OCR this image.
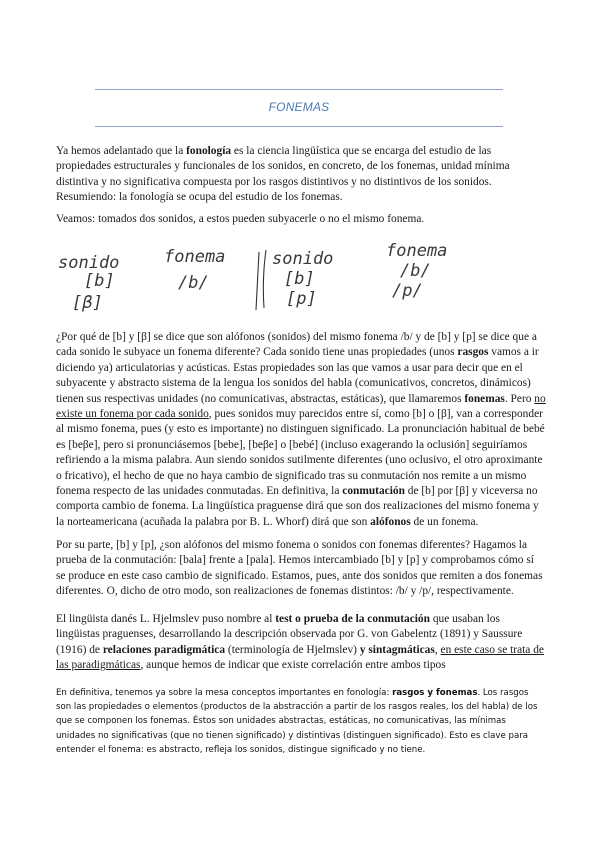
FONEMAS
Ya hemos adelantado que la fonología es la ciencia lingüística que se encarga del estudio de las propiedades estructurales y funcionales de los sonidos, en concreto, de los fonemas, unidad mínima distintiva y no significativa compuesta por los rasgos distintivos y no distintivos de los sonidos. Resumiendo: la fonología se ocupa del estudio de los fonemas.
Veamos: tomados dos sonidos, a estos pueden subyacerle o no el mismo fonema.
sonido	fonema
[b]
[β]
/b/
sonido	fonema
[b]
[p]
/b/
/p/
¿Por qué de [b] y [β] se dice que son alófonos (sonidos) del mismo fonema /b/ y de [b] y [p] se dice que a cada sonido le subyace un fonema diferente? Cada sonido tiene unas propiedades (unos rasgos vamos a ir diciendo ya) articulatorias y acústicas. Estas propiedades son las que vamos a usar para decir que en el subyacente y abstracto sistema de la lengua los sonidos del habla (comunicativos, concretos, dinámicos) tienen sus respectivas unidades (no comunicativas, abstractas, estáticas), que llamaremos fonemas. Pero no existe un fonema por cada sonido, pues sonidos muy parecidos entre sí, como [b] o [β], van a corresponder al mismo fonema, pues (y esto es importante) no distinguen significado. La pronunciación habitual de bebé es [beβe], pero si pronunciásemos [bebe], [beβe] o [bebé] (incluso exagerando la oclusión] seguiríamos refiriendo a la misma palabra. Aun siendo sonidos sutilmente diferentes (uno oclusivo, el otro aproximante o fricativo), el hecho de que no haya cambio de significado tras su conmutación nos remite a un mismo fonema respecto de las unidades conmutadas. En definitiva, la conmutación de [b] por [β] y viceversa no comporta cambio de fonema. La lingüística praguense dirá que son dos realizaciones del mismo fonema y la norteamericana (acuñada la palabra por B. L. Whorf) dirá que son alófonos de un fonema.
Por su parte, [b] y [p], ¿son alófonos del mismo fonema o sonidos con fonemas diferentes? Hagamos la prueba de la conmutación: [bala] frente a [pala]. Hemos intercambiado [b] y [p] y comprobamos cómo sí se produce en este caso cambio de significado. Estamos, pues, ante dos sonidos que remiten a dos fonemas diferentes. O, dicho de otro modo, son realizaciones de fonemas distintos: /b/ y /p/, respectivamente.
El lingüista danés L. Hjelmslev puso nombre al test o prueba de la conmutación que usaban los lingüistas praguenses, desarrollando la descripción observada por G. von Gabelentz (1891) y Saussure (1916) de relaciones paradigmática (terminología de Hjelmslev) y sintagmáticas, en este caso se trata de las paradigmáticas, aunque hemos de indicar que existe correlación entre ambos tipos
En definitiva, tenemos ya sobre la mesa conceptos importantes en fonología: rasgos y fonemas. Los rasgos son las propiedades o elementos (productos de la abstracción a partir de los rasgos reales, los del habla) de los que se componen los fonemas. Éstos son unidades abstractas, estáticas, no comunicativas, las mínimas unidades no significativas (que no tienen significado) y distintivas (distinguen significado). Esto es clave para entender el fonema: es abstracto, refleja los sonidos, distingue significado y no tiene.
